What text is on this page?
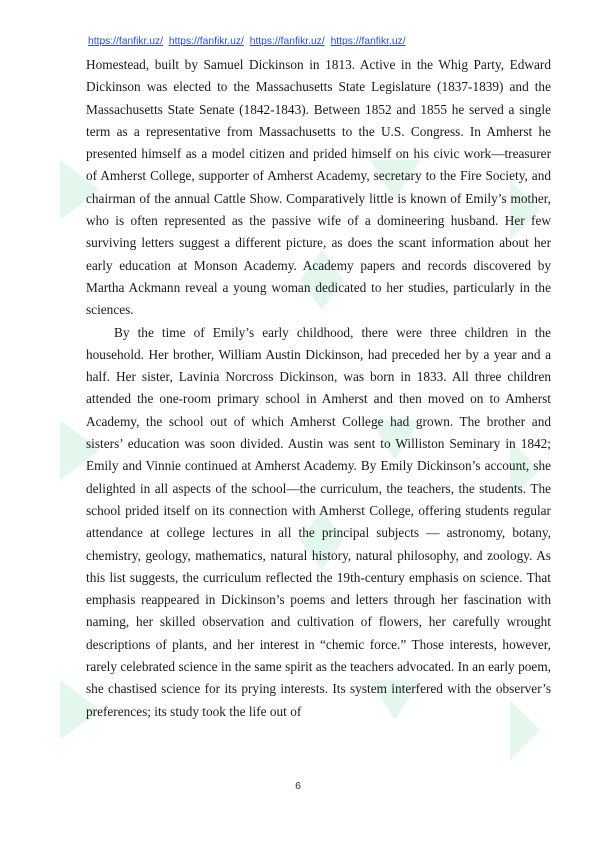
https://fanfikr.uz/ https://fanfikr.uz/ https://fanfikr.uz/ https://fanfikr.uz/

Homestead, built by Samuel Dickinson in 1813. Active in the Whig Party, Edward Dickinson was elected to the Massachusetts State Legislature (1837-1839) and the Massachusetts State Senate (1842-1843). Between 1852 and 1855 he served a single term as a representative from Massachusetts to the U.S. Congress. In Amherst he presented himself as a model citizen and prided himself on his civic work—treasurer of Amherst College, supporter of Amherst Academy, secretary to the Fire Society, and chairman of the annual Cattle Show. Comparatively little is known of Emily’s mother, who is often represented as the passive wife of a domineering husband. Her few surviving letters suggest a different picture, as does the scant information about her early education at Monson Academy. Academy papers and records discovered by Martha Ackmann reveal a young woman dedicated to her studies, particularly in the sciences.

By the time of Emily’s early childhood, there were three children in the household. Her brother, William Austin Dickinson, had preceded her by a year and a half. Her sister, Lavinia Norcross Dickinson, was born in 1833. All three children attended the one-room primary school in Amherst and then moved on to Amherst Academy, the school out of which Amherst College had grown. The brother and sisters’ education was soon divided. Austin was sent to Williston Seminary in 1842; Emily and Vinnie continued at Amherst Academy. By Emily Dickinson’s account, she delighted in all aspects of the school—the curriculum, the teachers, the students. The school prided itself on its connection with Amherst College, offering students regular attendance at college lectures in all the principal subjects — astronomy, botany, chemistry, geology, mathematics, natural history, natural philosophy, and zoology. As this list suggests, the curriculum reflected the 19th-century emphasis on science. That emphasis reappeared in Dickinson’s poems and letters through her fascination with naming, her skilled observation and cultivation of flowers, her carefully wrought descriptions of plants, and her interest in “chemic force.” Those interests, however, rarely celebrated science in the same spirit as the teachers advocated. In an early poem, she chastised science for its prying interests. Its system interfered with the observer’s preferences; its study took the life out of

6
